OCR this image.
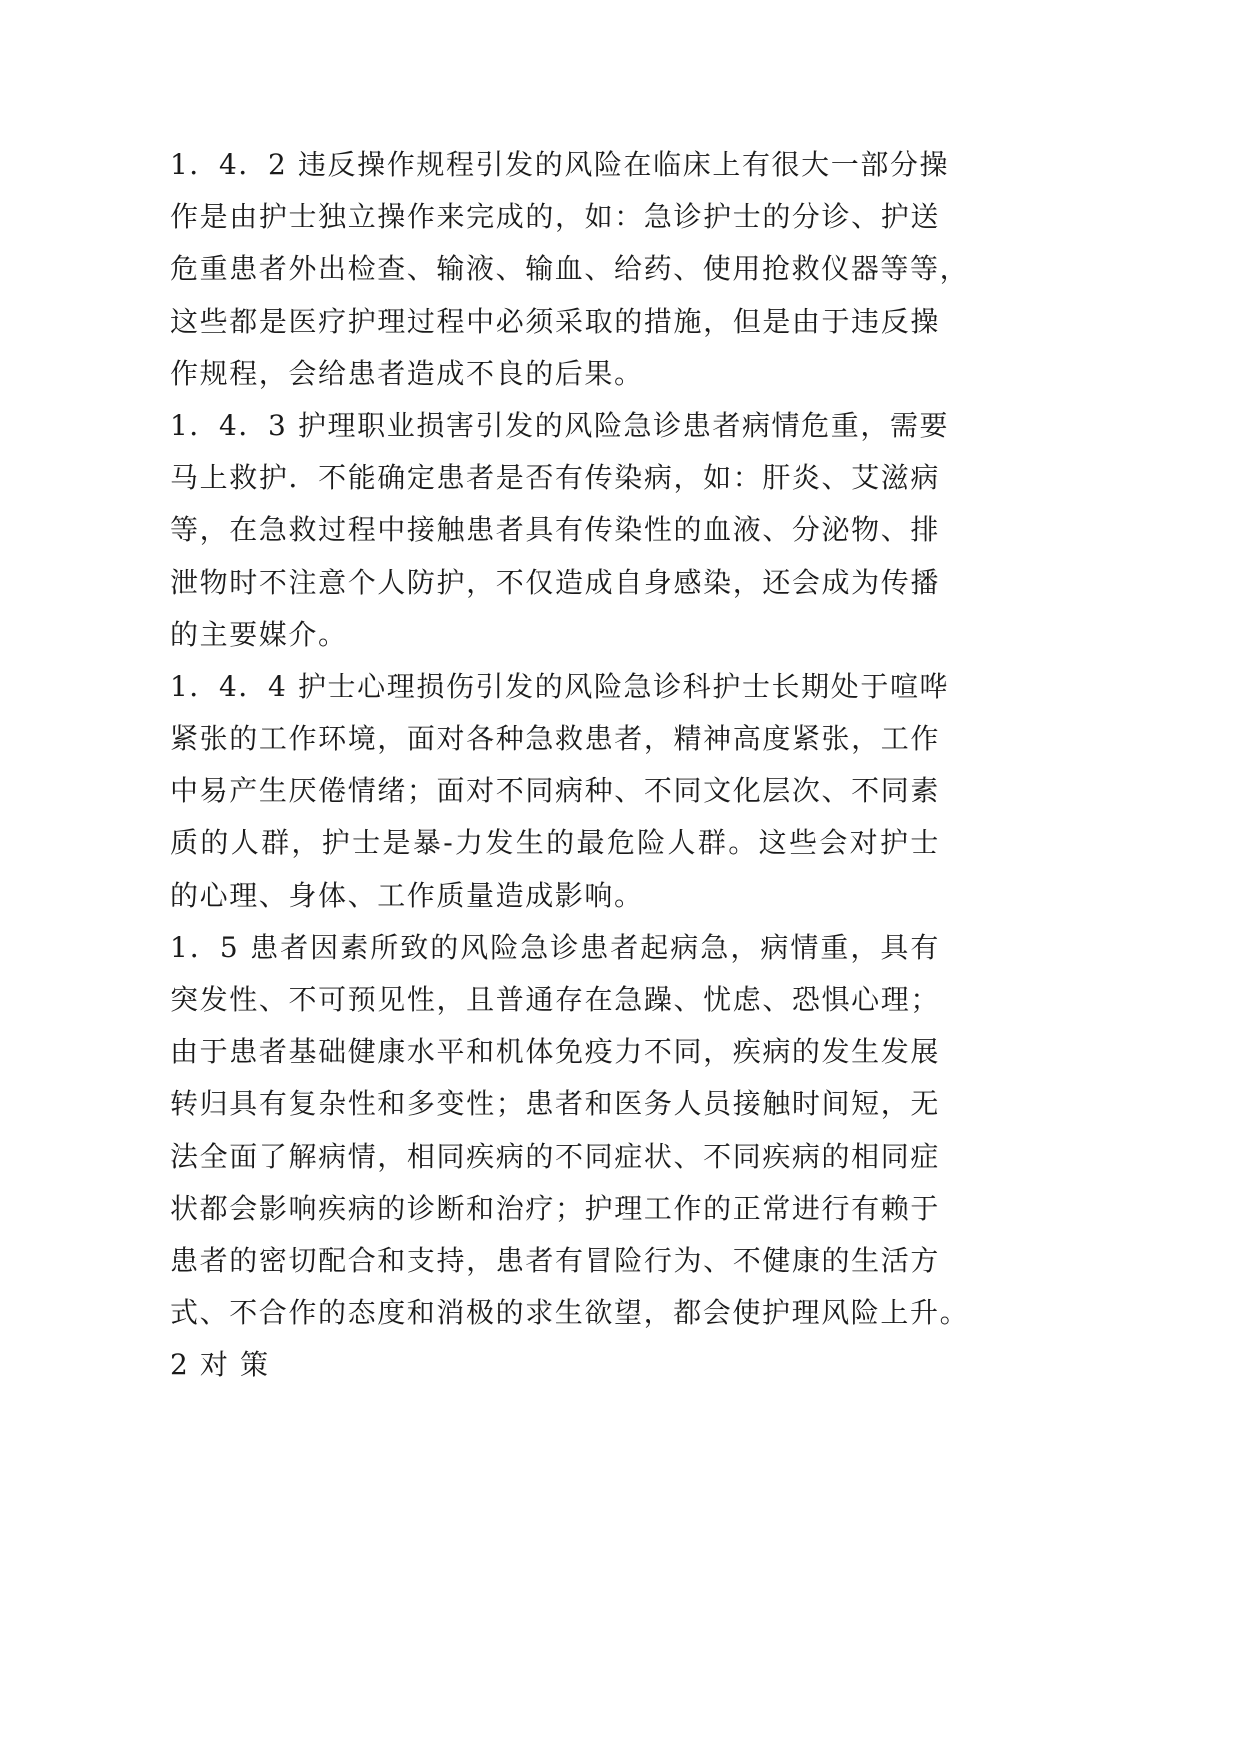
1．4．2 违反操作规程引发的风险在临床上有很大一部分操
作是由护士独立操作来完成的，如：急诊护士的分诊、护送
危重患者外出检查、输液、输血、给药、使用抢救仪器等等，
这些都是医疗护理过程中必须采取的措施，但是由于违反操
作规程，会给患者造成不良的后果。
1．4．3 护理职业损害引发的风险急诊患者病情危重，需要
马上救护．不能确定患者是否有传染病，如：肝炎、艾滋病
等，在急救过程中接触患者具有传染性的血液、分泌物、排
泄物时不注意个人防护，不仅造成自身感染，还会成为传播
的主要媒介。
1．4．4 护士心理损伤引发的风险急诊科护士长期处于喧哗
紧张的工作环境，面对各种急救患者，精神高度紧张，工作
中易产生厌倦情绪；面对不同病种、不同文化层次、不同素
质的人群，护士是暴-力发生的最危险人群。这些会对护士
的心理、身体、工作质量造成影响。
1．5 患者因素所致的风险急诊患者起病急，病情重，具有
突发性、不可预见性，且普通存在急躁、忧虑、恐惧心理；
由于患者基础健康水平和机体免疫力不同，疾病的发生发展
转归具有复杂性和多变性；患者和医务人员接触时间短，无
法全面了解病情，相同疾病的不同症状、不同疾病的相同症
状都会影响疾病的诊断和治疗；护理工作的正常进行有赖于
患者的密切配合和支持，患者有冒险行为、不健康的生活方
式、不合作的态度和消极的求生欲望，都会使护理风险上升。
2 对 策
